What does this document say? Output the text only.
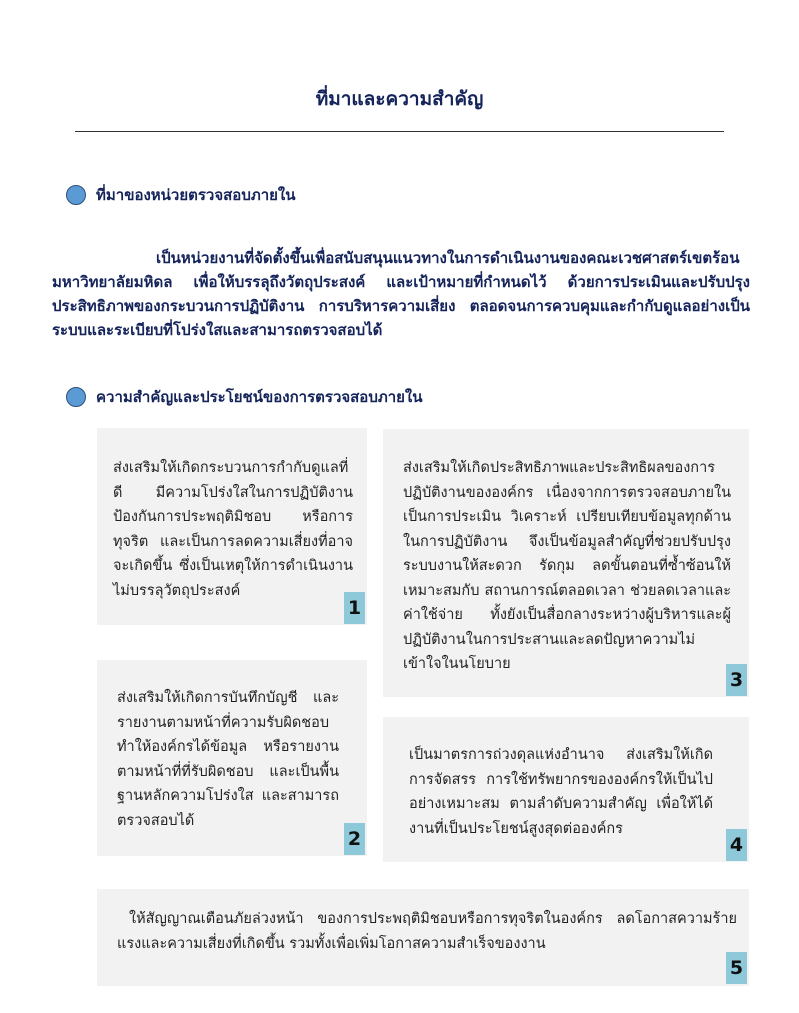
ที่มาและความสำคัญ
ที่มาของหน่วยตรวจสอบภายใน

เป็นหน่วยงานที่จัดตั้งขึ้นเพื่อสนับสนุนแนวทางในการดำเนินงานของคณะเวชศาสตร์เขตร้อน มหาวิทยาลัยมหิดล เพื่อให้บรรลุถึงวัตถุประสงค์ และเป้าหมายที่กำหนดไว้ ด้วยการประเมินและปรับปรุงประสิทธิภาพของกระบวนการปฏิบัติงาน การบริหารความเสี่ยง ตลอดจนการควบคุมและกำกับดูแลอย่างเป็นระบบและระเบียบที่โปร่งใสและสามารถตรวจสอบได้

ความสำคัญและประโยชน์ของการตรวจสอบภายใน

ส่งเสริมให้เกิดกระบวนการกำกับดูแลที่ดี มีความโปร่งใสในการปฏิบัติงาน ป้องกันการประพฤติมิชอบ หรือการทุจริต และเป็นการลดความเสี่ยงที่อาจจะเกิดขึ้น ซึ่งเป็นเหตุให้การดำเนินงานไม่บรรลุวัตถุประสงค์

1

ส่งเสริมให้เกิดการบันทึกบัญชี และรายงานตามหน้าที่ความรับผิดชอบ ทำให้องค์กรได้ข้อมูล หรือรายงานตามหน้าที่ที่รับผิดชอบ และเป็นพื้นฐานหลักความโปร่งใส และสามารถตรวจสอบได้

2

ส่งเสริมให้เกิดประสิทธิภาพและประสิทธิผลของการปฏิบัติงานขององค์กร เนื่องจากการตรวจสอบภายใน เป็นการประเมิน วิเคราะห์ เปรียบเทียบข้อมูลทุกด้านในการปฏิบัติงาน จึงเป็นข้อมูลสำคัญที่ช่วยปรับปรุงระบบงานให้สะดวก รัดกุม ลดขั้นตอนที่ซ้ำซ้อนให้เหมาะสมกับ สถานการณ์ตลอดเวลา ช่วยลดเวลาและค่าใช้จ่าย ทั้งยังเป็นสื่อกลางระหว่างผู้บริหารและผู้ปฏิบัติงานในการประสานและลดปัญหาความไม่เข้าใจในนโยบาย

3

เป็นมาตรการถ่วงดุลแห่งอำนาจ ส่งเสริมให้เกิดการจัดสรร การใช้ทรัพยากรขององค์กรให้เป็นไปอย่างเหมาะสม ตามลำดับความสำคัญ เพื่อให้ได้งานที่เป็นประโยชน์สูงสุดต่อองค์กร

4

ให้สัญญาณเตือนภัยล่วงหน้า ของการประพฤติมิชอบหรือการทุจริตในองค์กร ลดโอกาสความร้ายแรงและความเสี่ยงที่เกิดขึ้น รวมทั้งเพื่อเพิ่มโอกาสความสำเร็จของงาน

5
